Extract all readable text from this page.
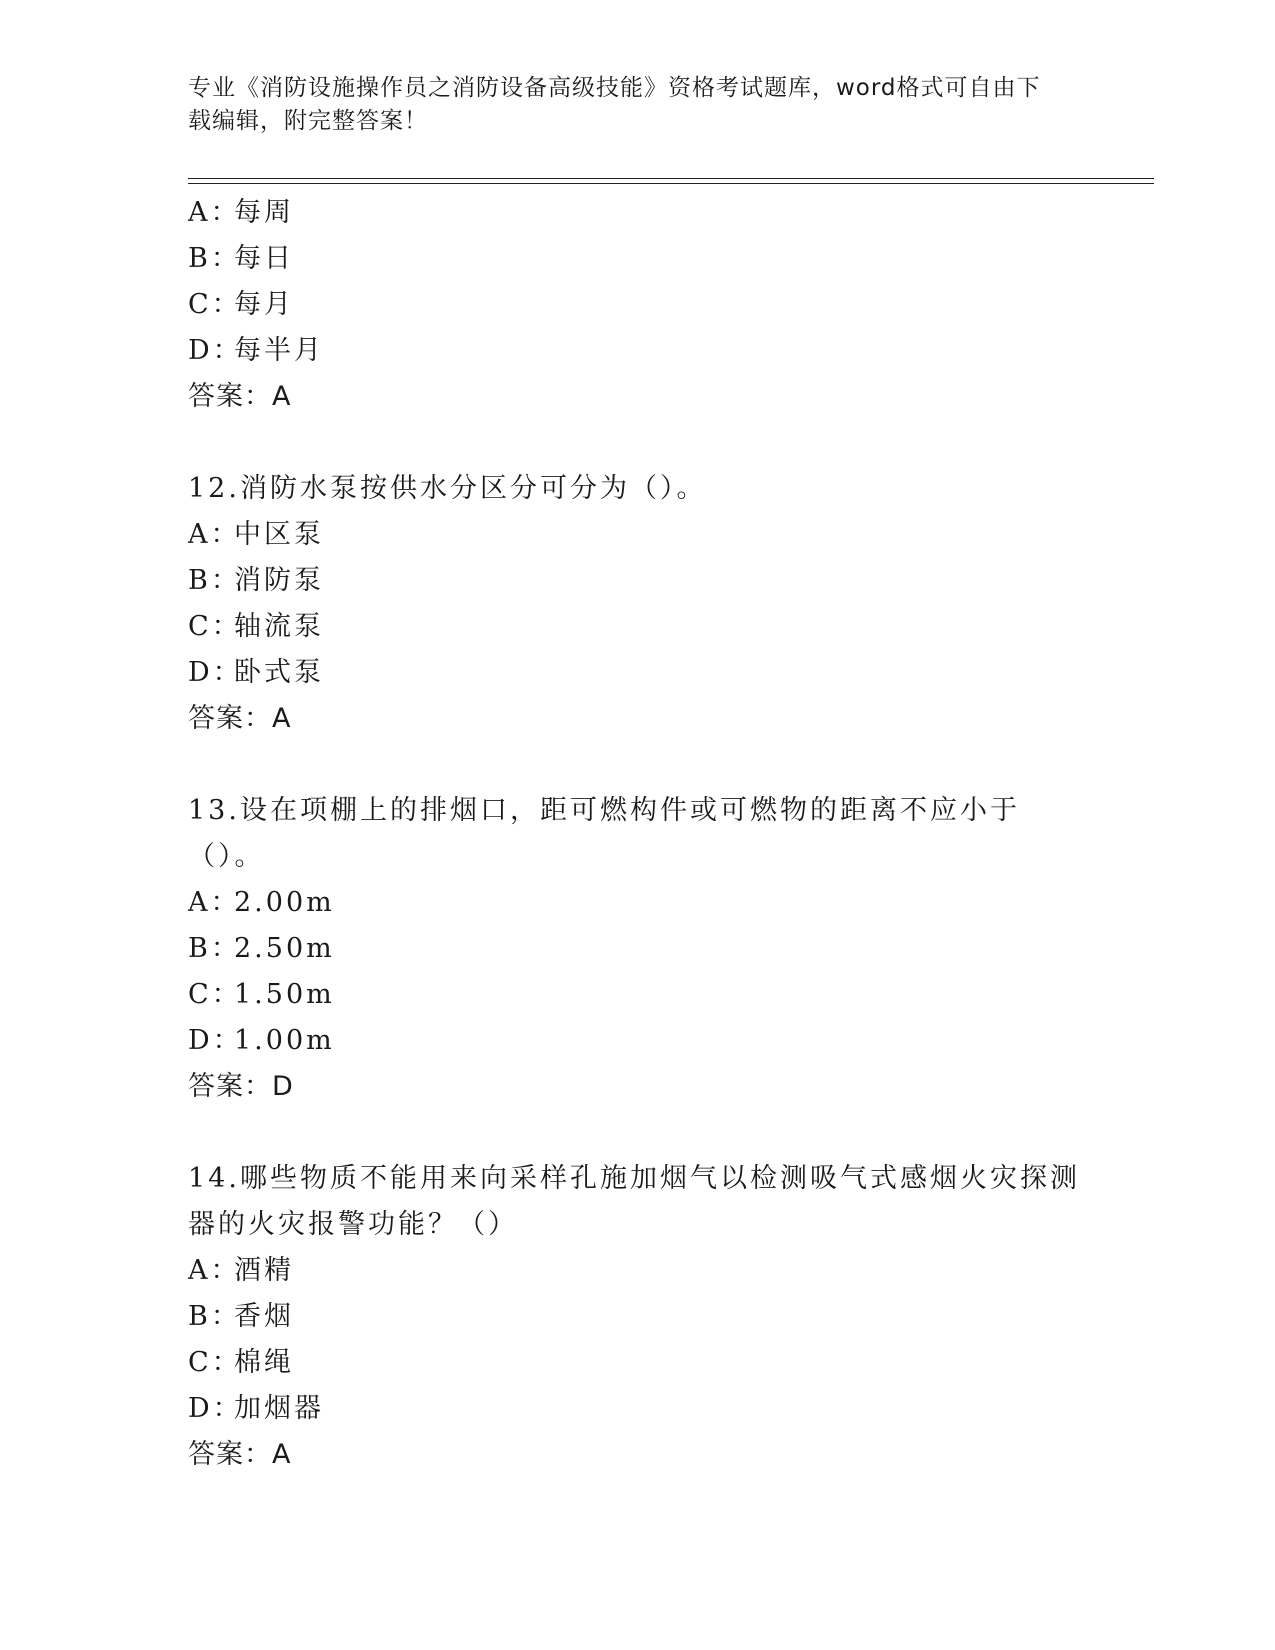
专业《消防设施操作员之消防设备高级技能》资格考试题库，word格式可自由下
载编辑，附完整答案！
A：每周
B：每日
C：每月
D：每半月
答案：A
12.消防水泵按供水分区分可分为（）。
A：中区泵
B：消防泵
C：轴流泵
D：卧式泵
答案：A
13.设在项棚上的排烟口，距可燃构件或可燃物的距离不应小于（）。
A：2.00m
B：2.50m
C：1.50m
D：1.00m
答案：D
14.哪些物质不能用来向采样孔施加烟气以检测吸气式感烟火灾探测器的火灾报警功能？（）
A：酒精
B：香烟
C：棉绳
D：加烟器
答案：A
